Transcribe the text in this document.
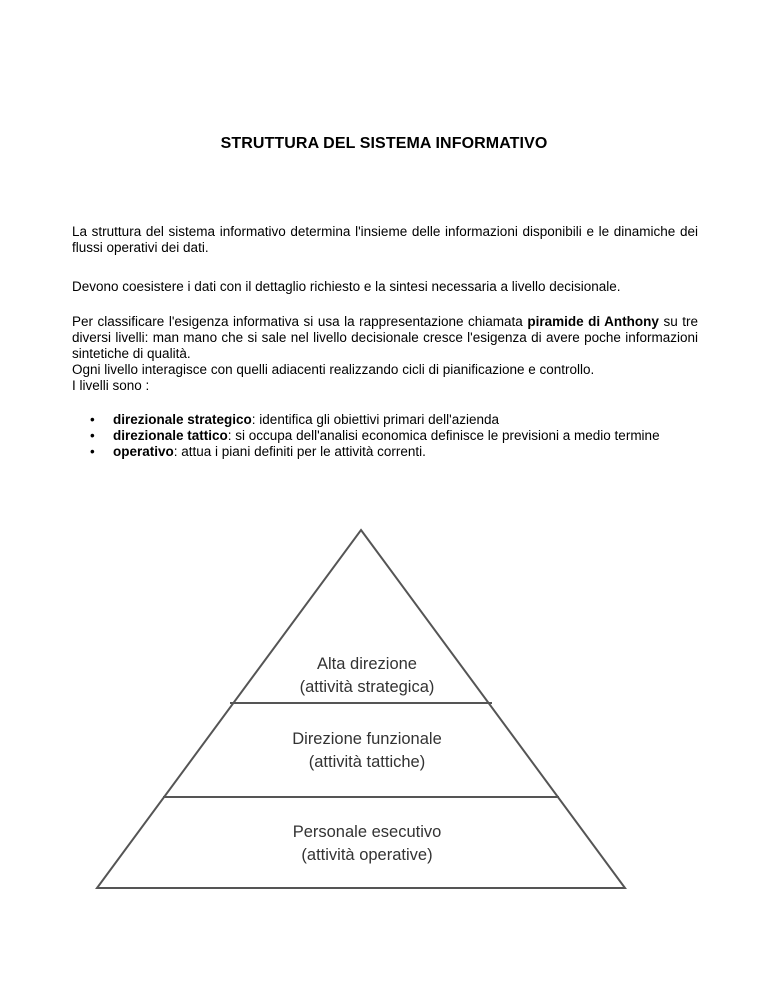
STRUTTURA DEL SISTEMA INFORMATIVO

La struttura del sistema informativo determina l'insieme delle informazioni disponibili e le dinamiche dei flussi operativi dei dati.

Devono coesistere i dati con il dettaglio richiesto e la sintesi necessaria a livello decisionale.

Per classificare l'esigenza informativa si usa la rappresentazione chiamata piramide di Anthony su tre diversi livelli: man mano che si sale nel livello decisionale cresce l'esigenza di avere poche informazioni sintetiche di qualità.
Ogni livello interagisce con quelli adiacenti realizzando cicli di pianificazione e controllo.
I livelli sono :
• direzionale strategico: identifica gli obiettivi primari dell'azienda
• direzionale tattico: si occupa dell'analisi economica definisce le previsioni a medio termine
• operativo: attua i piani definiti per le attività correnti.
Alta direzione
(attività strategica)
Direzione funzionale
(attività tattiche)
Personale esecutivo
(attività operative)
